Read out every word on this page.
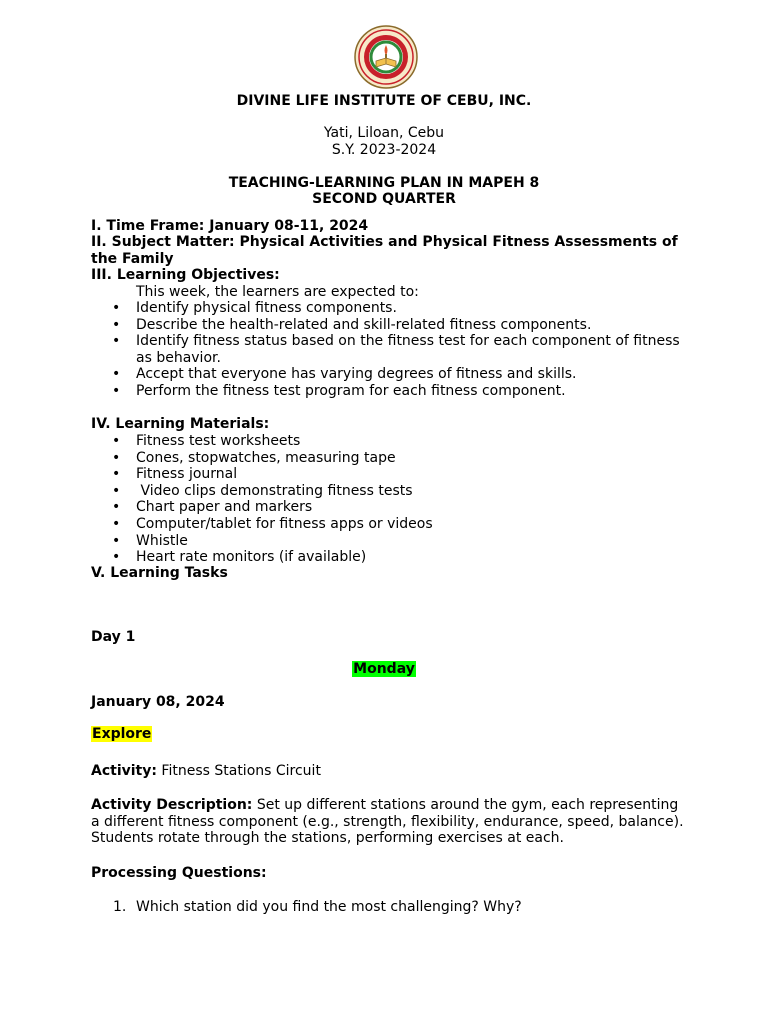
DIVINE LIFE INSTITUTE OF CEBU, INC.
Yati, Liloan, Cebu
S.Y. 2023-2024
TEACHING-LEARNING PLAN IN MAPEH 8
SECOND QUARTER
I. Time Frame: January 08-11, 2024
II. Subject Matter: Physical Activities and Physical Fitness Assessments of
the Family
III. Learning Objectives:
This week, the learners are expected to:
• Identify physical fitness components.
• Describe the health-related and skill-related fitness components.
• Identify fitness status based on the fitness test for each component of fitness as behavior.
• Accept that everyone has varying degrees of fitness and skills.
• Perform the fitness test program for each fitness component.
IV. Learning Materials:
• Fitness test worksheets
• Cones, stopwatches, measuring tape
• Fitness journal
•  Video clips demonstrating fitness tests
• Chart paper and markers
• Computer/tablet for fitness apps or videos
• Whistle
• Heart rate monitors (if available)
V. Learning Tasks
Day 1
Monday
January 08, 2024
Explore
Activity: Fitness Stations Circuit
Activity Description: Set up different stations around the gym, each representing a different fitness component (e.g., strength, flexibility, endurance, speed, balance). Students rotate through the stations, performing exercises at each.
Processing Questions:
1. Which station did you find the most challenging? Why?
